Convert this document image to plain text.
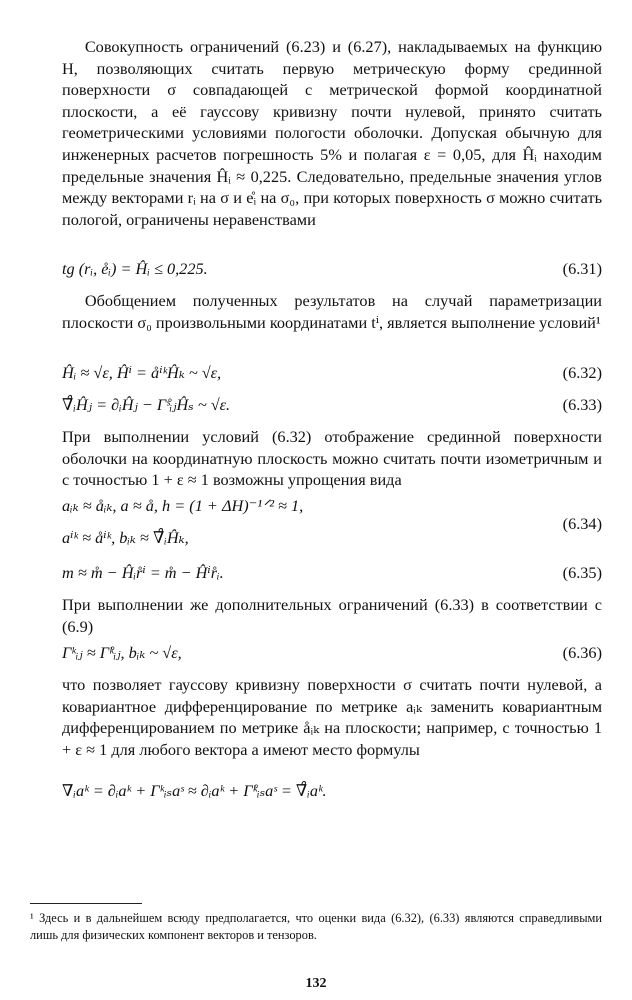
Совокупность ограничений (6.23) и (6.27), накладываемых на функцию H, позволяющих считать первую метрическую форму срединной поверхности σ совпадающей с метрической формой координатной плоскости, а её гауссову кривизну почти нулевой, принято считать геометрическими условиями пологости оболочки. Допуская обычную для инженерных расчетов погрешность 5% и полагая ε = 0,05, для Ĥᵢ находим предельные значения Ĥᵢ ≈ 0,225. Следовательно, предельные значения углов между векторами rᵢ на σ и e̊ᵢ на σ₀, при которых поверхность σ можно считать пологой, ограничены неравенствами

tg (rᵢ, e̊ᵢ) = Ĥᵢ ≤ 0,225.	(6.31)

Обобщением полученных результатов на случай параметризации плоскости σ₀ произвольными координатами tⁱ, является выполнение условий¹

Ĥᵢ ≈ √ε, Ĥⁱ = åⁱᵏĤₖ ~ √ε,	(6.32)
∇̊ᵢĤⱼ = ∂ᵢĤⱼ − Γ̊ˢᵢⱼĤₛ ~ √ε.	(6.33)

При выполнении условий (6.32) отображение срединной поверхности оболочки на координатную плоскость можно считать почти изометричным и с точностью 1 + ε ≈ 1 возможны упрощения вида

aᵢₖ ≈ åᵢₖ, a ≈ å, h = (1 + ΔH)⁻¹ᐟ² ≈ 1,
aⁱᵏ ≈ åⁱᵏ, bᵢₖ ≈ ∇̊ᵢĤₖ,
(6.34)
m ≈ m̊ − Ĥᵢr̊ⁱ = m̊ − Ĥⁱr̊ᵢ.	(6.35)

При выполнении же дополнительных ограничений (6.33) в соответствии с (6.9)

Γᵏᵢⱼ ≈ Γ̊ᵏᵢⱼ, bᵢₖ ~ √ε,	(6.36)

что позволяет гауссову кривизну поверхности σ считать почти нулевой, а ковариантное дифференцирование по метрике aᵢₖ заменить ковариантным дифференцированием по метрике åᵢₖ на плоскости; например, с точностью 1 + ε ≈ 1 для любого вектора a имеют место формулы

∇ᵢaᵏ = ∂ᵢaᵏ + Γᵏᵢₛaˢ ≈ ∂ᵢaᵏ + Γ̊ᵏᵢₛaˢ = ∇̊ᵢaᵏ.

¹ Здесь и в дальнейшем всюду предполагается, что оценки вида (6.32), (6.33) являются справедливыми лишь для физических компонент векторов и тензоров.

132
